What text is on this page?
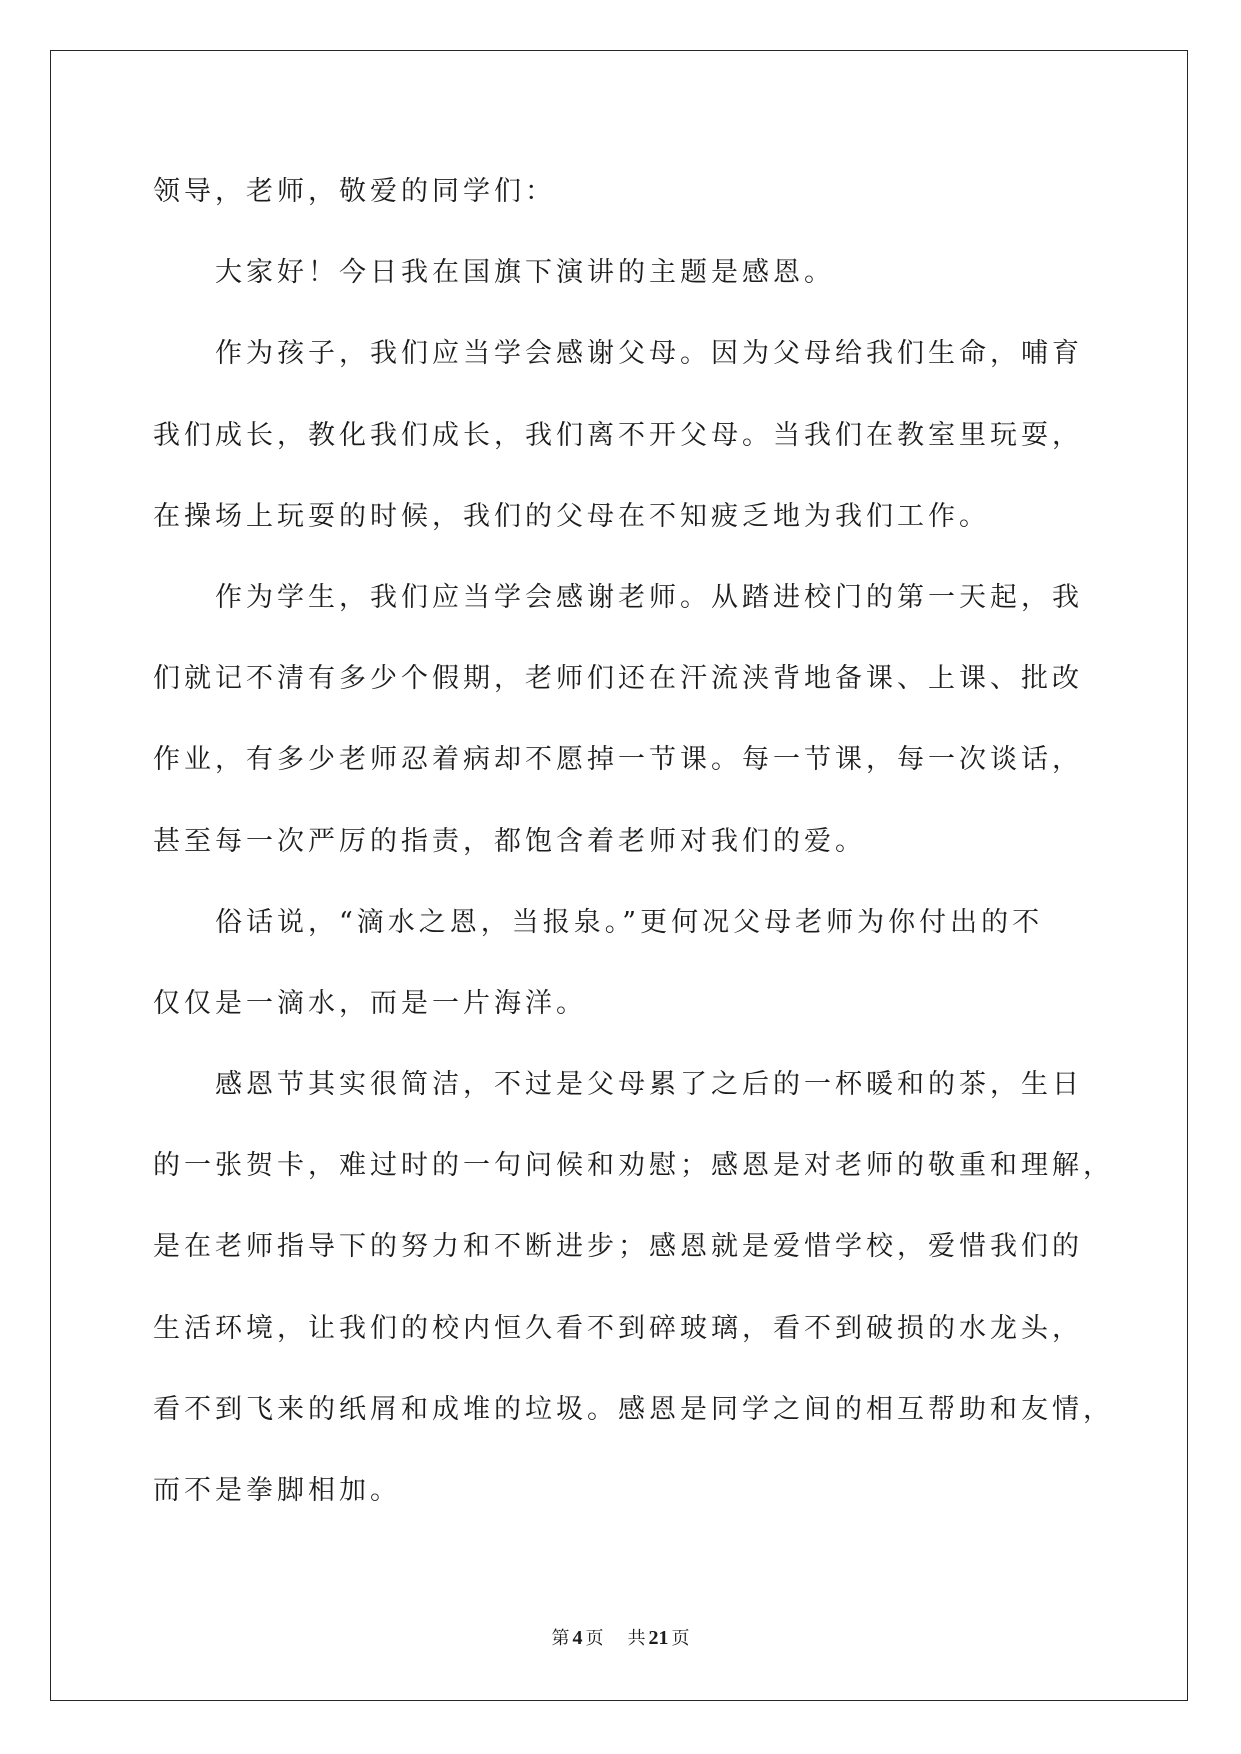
领导，老师，敬爱的同学们：
大家好！今日我在国旗下演讲的主题是感恩。
作为孩子，我们应当学会感谢父母。因为父母给我们生命，哺育
我们成长，教化我们成长，我们离不开父母。当我们在教室里玩耍，
在操场上玩耍的时候，我们的父母在不知疲乏地为我们工作。
作为学生，我们应当学会感谢老师。从踏进校门的第一天起，我
们就记不清有多少个假期，老师们还在汗流浃背地备课、上课、批改
作业，有多少老师忍着病却不愿掉一节课。每一节课，每一次谈话，
甚至每一次严厉的指责，都饱含着老师对我们的爱。
俗话说，“滴水之恩，当报泉。”更何况父母老师为你付出的不
仅仅是一滴水，而是一片海洋。
感恩节其实很简洁，不过是父母累了之后的一杯暖和的茶，生日
的一张贺卡，难过时的一句问候和劝慰；感恩是对老师的敬重和理解，
是在老师指导下的努力和不断进步；感恩就是爱惜学校，爱惜我们的
生活环境，让我们的校内恒久看不到碎玻璃，看不到破损的水龙头，
看不到飞来的纸屑和成堆的垃圾。感恩是同学之间的相互帮助和友情，
而不是拳脚相加。
第 4 页 共 21 页
